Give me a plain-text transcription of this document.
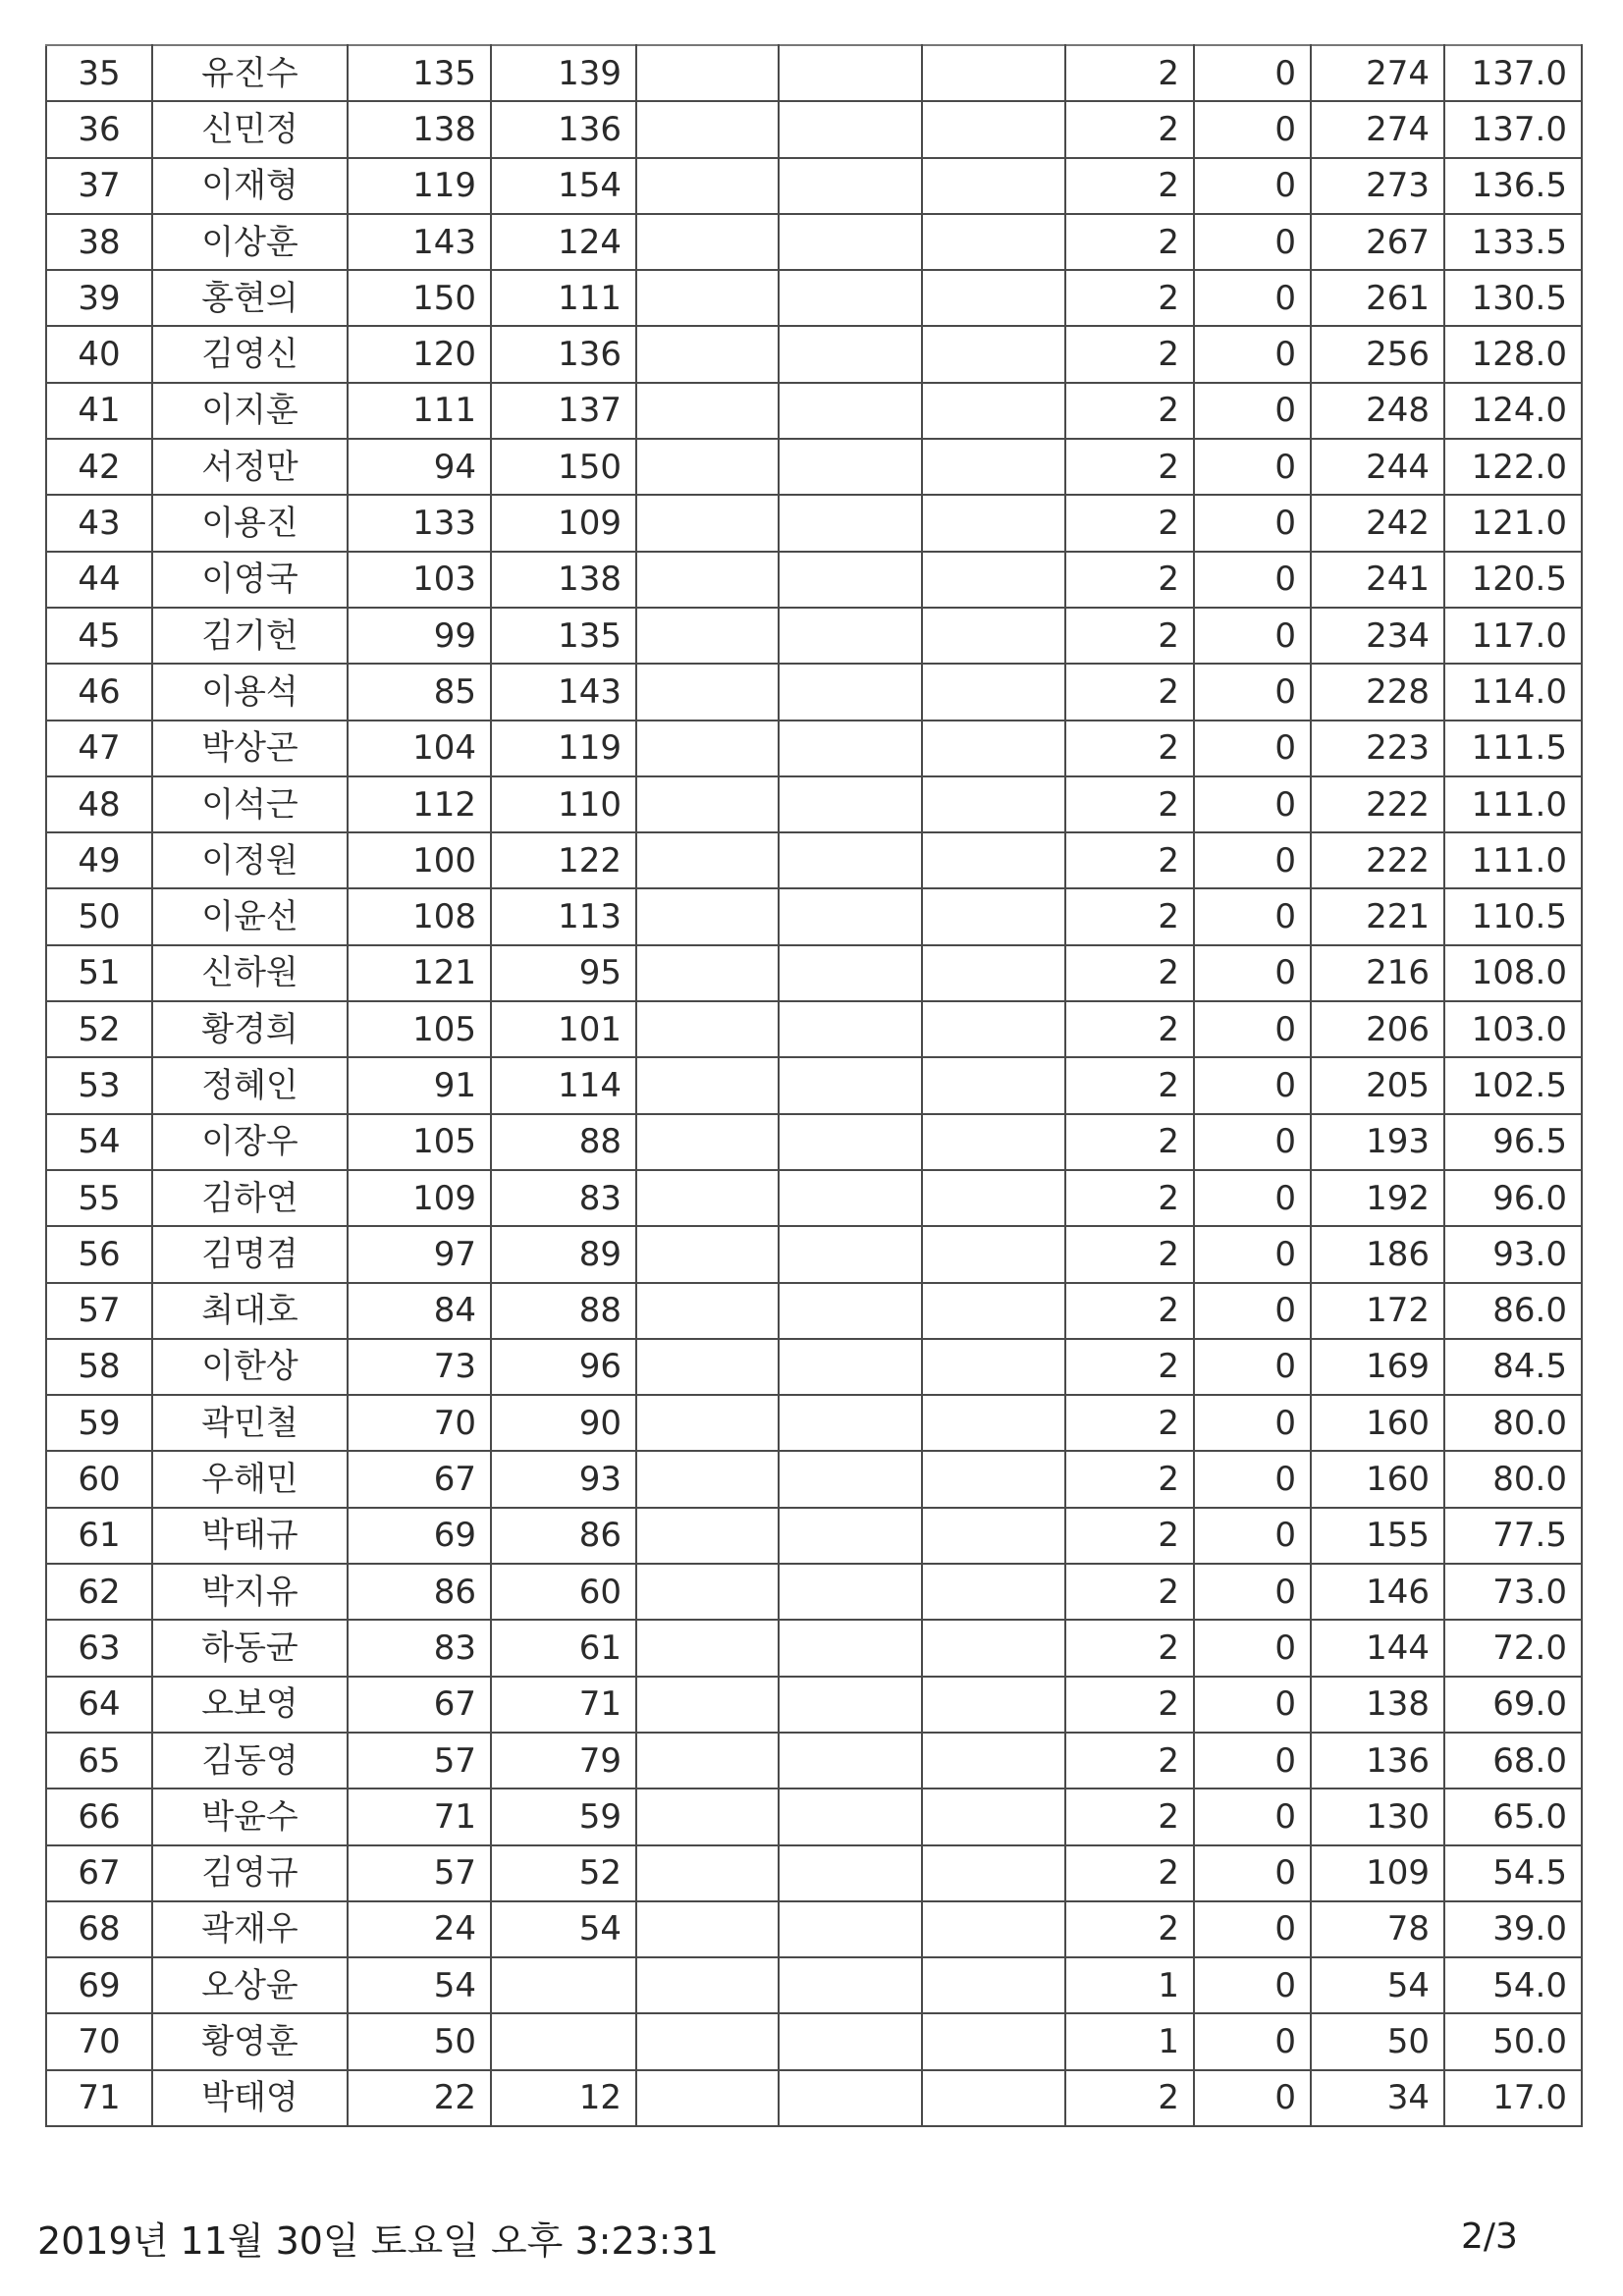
35	유진수	135	139				2	0	274	137.0
36	신민정	138	136				2	0	274	137.0
37	이재형	119	154				2	0	273	136.5
38	이상훈	143	124				2	0	267	133.5
39	홍현의	150	111				2	0	261	130.5
40	김영신	120	136				2	0	256	128.0
41	이지훈	111	137				2	0	248	124.0
42	서정만	94	150				2	0	244	122.0
43	이용진	133	109				2	0	242	121.0
44	이영국	103	138				2	0	241	120.5
45	김기헌	99	135				2	0	234	117.0
46	이용석	85	143				2	0	228	114.0
47	박상곤	104	119				2	0	223	111.5
48	이석근	112	110				2	0	222	111.0
49	이정원	100	122				2	0	222	111.0
50	이윤선	108	113				2	0	221	110.5
51	신하원	121	95				2	0	216	108.0
52	황경희	105	101				2	0	206	103.0
53	정혜인	91	114				2	0	205	102.5
54	이장우	105	88				2	0	193	96.5
55	김하연	109	83				2	0	192	96.0
56	김명겸	97	89				2	0	186	93.0
57	최대호	84	88				2	0	172	86.0
58	이한상	73	96				2	0	169	84.5
59	곽민철	70	90				2	0	160	80.0
60	우해민	67	93				2	0	160	80.0
61	박태규	69	86				2	0	155	77.5
62	박지유	86	60				2	0	146	73.0
63	하동균	83	61				2	0	144	72.0
64	오보영	67	71				2	0	138	69.0
65	김동영	57	79				2	0	136	68.0
66	박윤수	71	59				2	0	130	65.0
67	김영규	57	52				2	0	109	54.5
68	곽재우	24	54				2	0	78	39.0
69	오상윤	54					1	0	54	54.0
70	황영훈	50					1	0	50	50.0
71	박태영	22	12				2	0	34	17.0
2019년 11월 30일 토요일 오후 3:23:31	2/3
